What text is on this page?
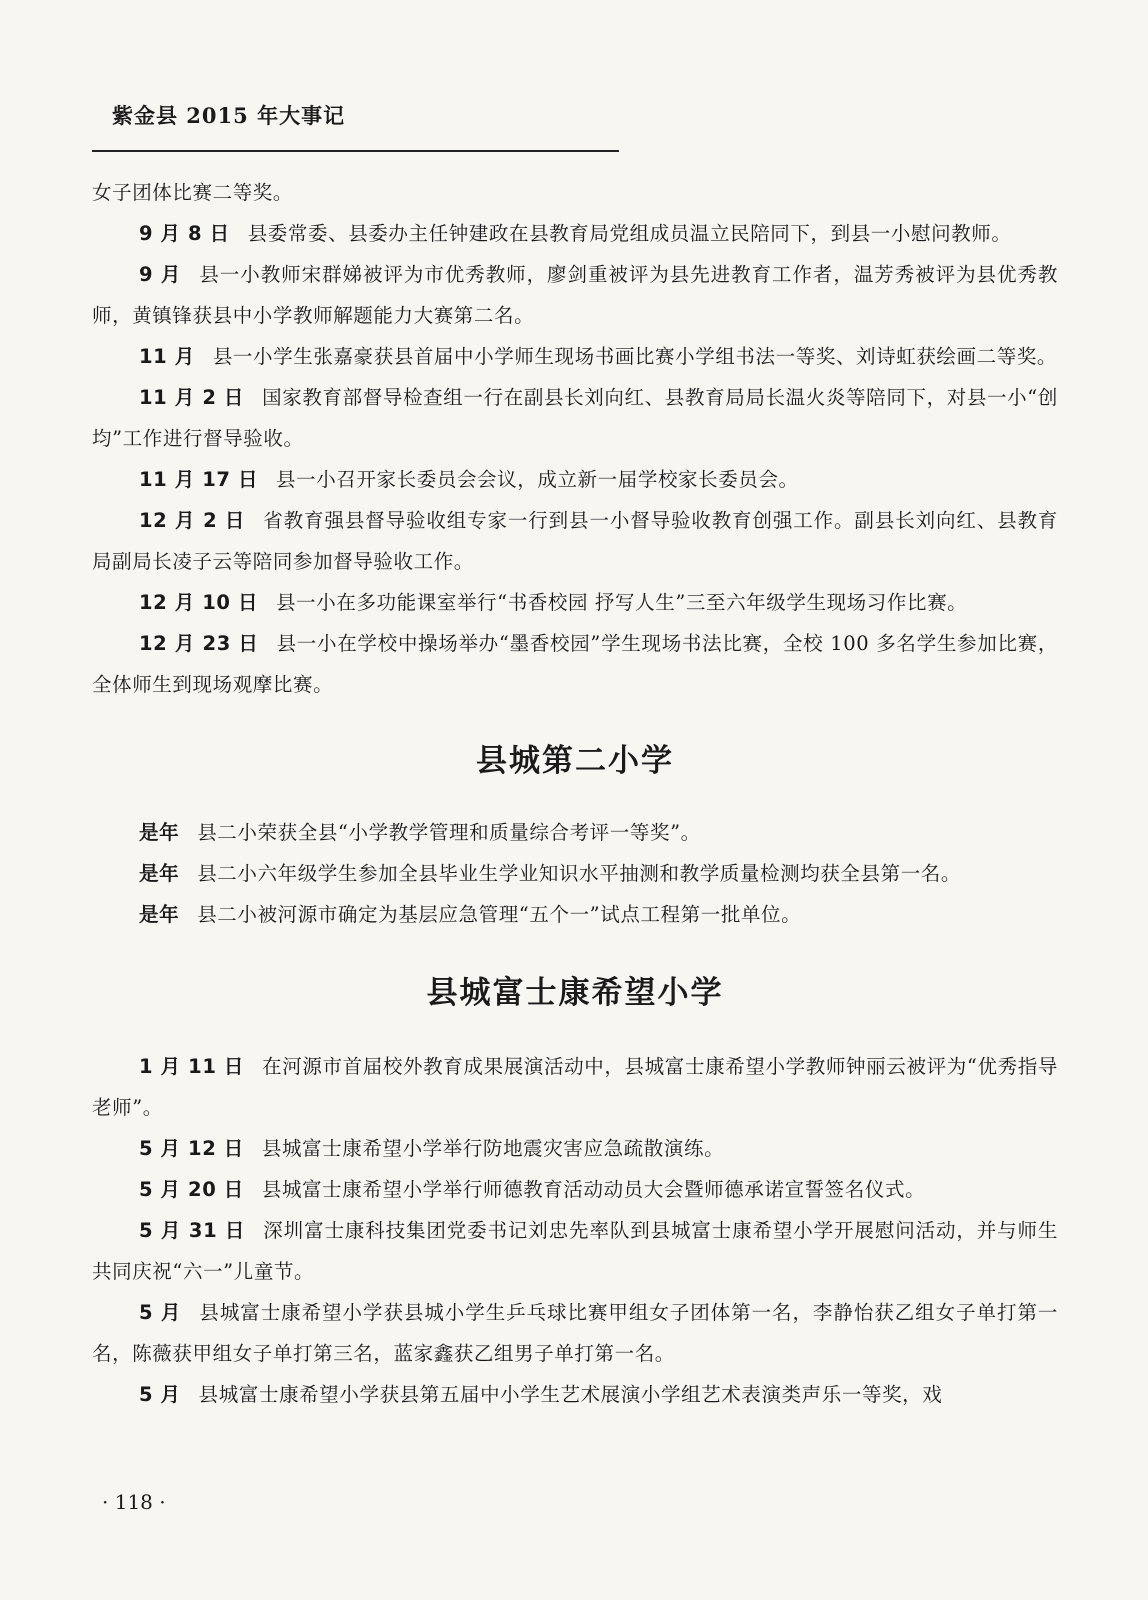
紫金县 2015 年大事记

女子团体比赛二等奖。

9 月 8 日 县委常委、县委办主任钟建政在县教育局党组成员温立民陪同下，到县一小慰问教师。

9 月 县一小教师宋群娣被评为市优秀教师，廖剑重被评为县先进教育工作者，温芳秀被评为县优秀教师，黄镇锋获县中小学教师解题能力大赛第二名。

11 月 县一小学生张嘉豪获县首届中小学师生现场书画比赛小学组书法一等奖、刘诗虹获绘画二等奖。

11 月 2 日 国家教育部督导检查组一行在副县长刘向红、县教育局局长温火炎等陪同下，对县一小“创均”工作进行督导验收。

11 月 17 日 县一小召开家长委员会会议，成立新一届学校家长委员会。

12 月 2 日 省教育强县督导验收组专家一行到县一小督导验收教育创强工作。副县长刘向红、县教育局副局长凌子云等陪同参加督导验收工作。

12 月 10 日 县一小在多功能课室举行“书香校园 抒写人生”三至六年级学生现场习作比赛。

12 月 23 日 县一小在学校中操场举办“墨香校园”学生现场书法比赛，全校 100 多名学生参加比赛，全体师生到现场观摩比赛。

县城第二小学

是年 县二小荣获全县“小学教学管理和质量综合考评一等奖”。

是年 县二小六年级学生参加全县毕业生学业知识水平抽测和教学质量检测均获全县第一名。

是年 县二小被河源市确定为基层应急管理“五个一”试点工程第一批单位。

县城富士康希望小学

1 月 11 日 在河源市首届校外教育成果展演活动中，县城富士康希望小学教师钟丽云被评为“优秀指导老师”。

5 月 12 日 县城富士康希望小学举行防地震灾害应急疏散演练。

5 月 20 日 县城富士康希望小学举行师德教育活动动员大会暨师德承诺宣誓签名仪式。

5 月 31 日 深圳富士康科技集团党委书记刘忠先率队到县城富士康希望小学开展慰问活动，并与师生共同庆祝“六一”儿童节。

5 月 县城富士康希望小学获县城小学生乒乓球比赛甲组女子团体第一名，李静怡获乙组女子单打第一名，陈薇获甲组女子单打第三名，蓝家鑫获乙组男子单打第一名。

5 月 县城富士康希望小学获县第五届中小学生艺术展演小学组艺术表演类声乐一等奖，戏

· 118 ·
